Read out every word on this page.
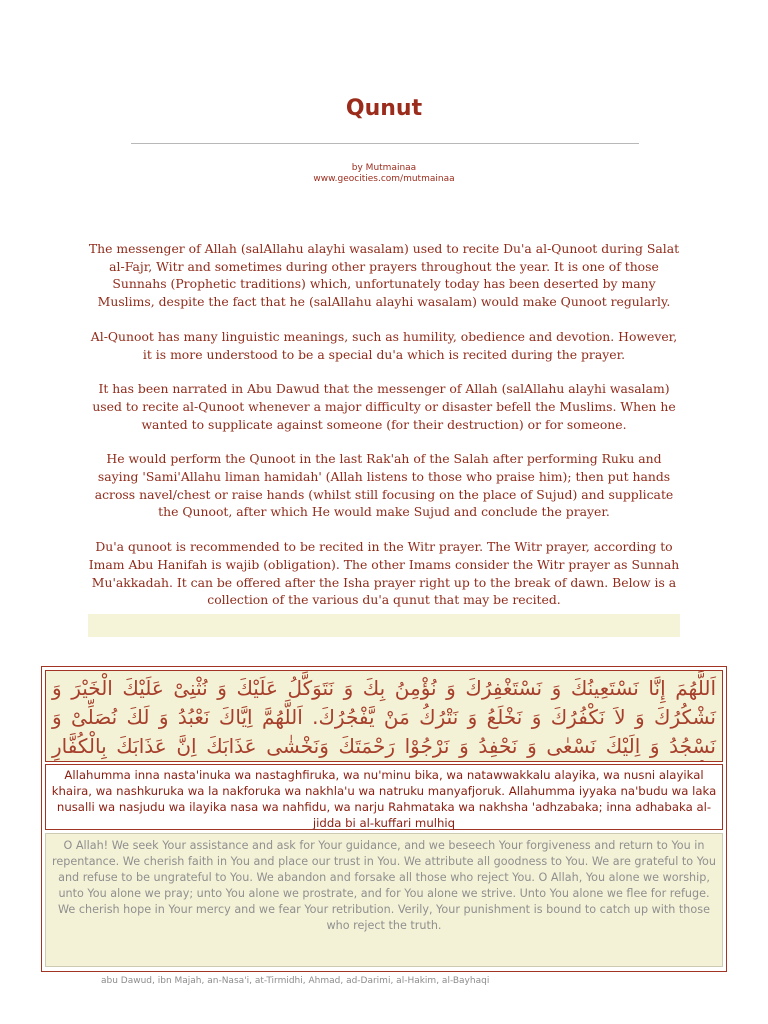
Qunut
by Mutmainaa
www.geocities.com/mutmainaa

The messenger of Allah (salAllahu alayhi wasalam) used to recite Du'a al-Qunoot during Salat al-Fajr, Witr and sometimes during other prayers throughout the year. It is one of those Sunnahs (Prophetic traditions) which, unfortunately today has been deserted by many Muslims, despite the fact that he (salAllahu alayhi wasalam) would make Qunoot regularly.

Al-Qunoot has many linguistic meanings, such as humility, obedience and devotion. However, it is more understood to be a special du'a which is recited during the prayer.

It has been narrated in Abu Dawud that the messenger of Allah (salAllahu alayhi wasalam) used to recite al-Qunoot whenever a major difficulty or disaster befell the Muslims. When he wanted to supplicate against someone (for their destruction) or for someone.

He would perform the Qunoot in the last Rak'ah of the Salah after performing Ruku and saying 'Sami'Allahu liman hamidah' (Allah listens to those who praise him); then put hands across navel/chest or raise hands (whilst still focusing on the place of Sujud) and supplicate the Qunoot, after which He would make Sujud and conclude the prayer.

Du'a qunoot is recommended to be recited in the Witr prayer. The Witr prayer, according to Imam Abu Hanifah is wajib (obligation). The other Imams consider the Witr prayer as Sunnah Mu'akkadah. It can be offered after the Isha prayer right up to the break of dawn. Below is a collection of the various du'a qunut that may be recited.

اَللَّهُمَ إِنَّا نَسْتَعِينُكَ وَ نَسْتَغْفِرُكَ وَ نُؤْمِنُ بِكَ وَ نَتَوَكَّلُ عَلَيْكَ وَ نُثْنِىْ عَلَيْكَ الْخَيْرَ وَ نَشْكُرُكَ وَ لاَ نَكْفُرُكَ وَ نَخْلَعُ وَ نَتْرُكُ مَنْ يَّفْجُرُكَ. اَللَّهُمَّ اِيَّاكَ نَعْبُدُ وَ لَكَ نُصَلِّىْ وَ نَسْجُدُ وَ اِلَيْكَ نَسْعٰى وَ نَحْفِدُ وَ نَرْجُوْا رَحْمَتَكَ وَنَخْشٰى عَذَابَكَ اِنَّ عَذَابَكَ بِالْكُفَّارِ
Allahumma inna nasta'inuka wa nastaghfiruka, wa nu'minu bika, wa natawwakkalu alayika, wa nusni alayikal khaira, wa nashkuruka wa la nakforuka wa nakhla'u wa natruku manyafjoruk. Allahumma iyyaka na'budu wa laka nusalli wa nasjudu wa ilayika nasa wa nahfidu, wa narju Rahmataka wa nakhsha 'adhzabaka; inna adhabaka al-jidda bi al-kuffari mulhiq
O Allah! We seek Your assistance and ask for Your guidance, and we beseech Your forgiveness and return to You in repentance. We cherish faith in You and place our trust in You. We attribute all goodness to You. We are grateful to You and refuse to be ungrateful to You. We abandon and forsake all those who reject You. O Allah, You alone we worship, unto You alone we pray; unto You alone we prostrate, and for You alone we strive. Unto You alone we flee for refuge. We cherish hope in Your mercy and we fear Your retribution. Verily, Your punishment is bound to catch up with those who reject the truth.
abu Dawud, ibn Majah, an-Nasa'i, at-Tirmidhi, Ahmad, ad-Darimi, al-Hakim, al-Bayhaqi
